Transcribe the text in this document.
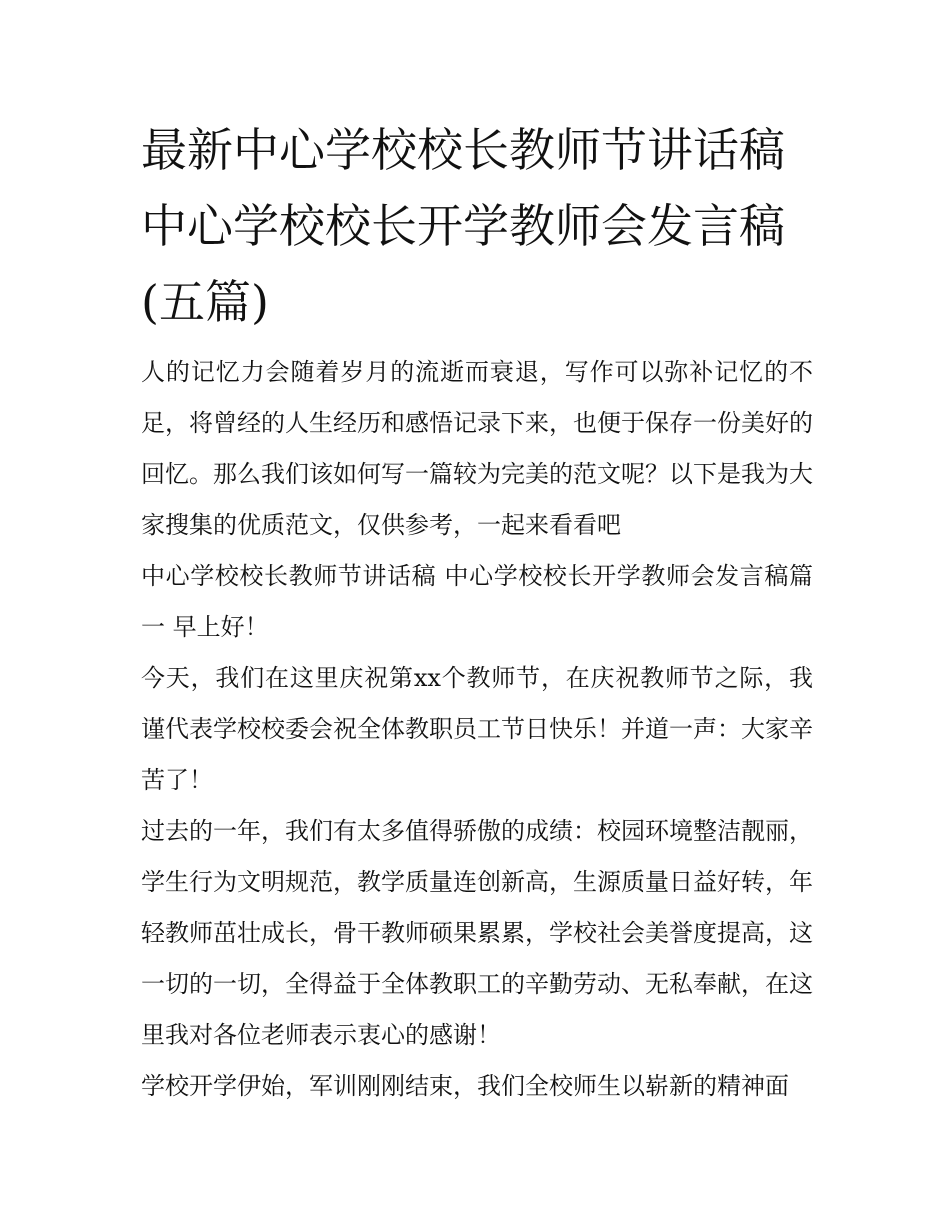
最新中心学校校长教师节讲话稿 中心学校校长开学教师会发言稿(五篇)

人的记忆力会随着岁月的流逝而衰退，写作可以弥补记忆的不足，将曾经的人生经历和感悟记录下来，也便于保存一份美好的回忆。那么我们该如何写一篇较为完美的范文呢？以下是我为大家搜集的优质范文，仅供参考，一起来看看吧

中心学校校长教师节讲话稿 中心学校校长开学教师会发言稿篇一 早上好！

今天，我们在这里庆祝第xx个教师节，在庆祝教师节之际，我谨代表学校校委会祝全体教职员工节日快乐！并道一声：大家辛苦了！

过去的一年，我们有太多值得骄傲的成绩：校园环境整洁靓丽，学生行为文明规范，教学质量连创新高，生源质量日益好转，年轻教师茁壮成长，骨干教师硕果累累，学校社会美誉度提高，这一切的一切，全得益于全体教职工的辛勤劳动、无私奉献，在这里我对各位老师表示衷心的感谢！

学校开学伊始，军训刚刚结束，我们全校师生以崭新的精神面
